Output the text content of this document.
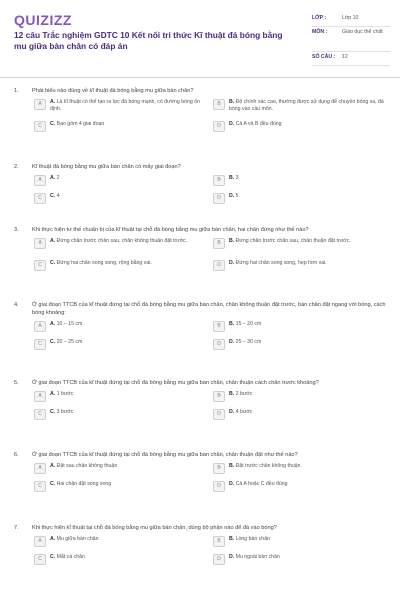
QUIZIZZ
12 câu Trắc nghiệm GDTC 10 Kết nối tri thức Kĩ thuật đá bóng bằng mu giữa bàn chân có đáp án
LỚP :	Lớp 10
MÔN :	Giáo dục thể chất
SỐ CÂU :	12
1.	Phát biểu nào đúng về kĩ thuật đá bóng bằng mu giữa bàn chân?
A	A. Là kĩ thuật có thể tạo ra lực đá bóng mạnh, có đường bóng ổn định.
B	B. Độ chính xác cao, thường được sử dụng để chuyền bóng xa, đá bóng vào cầu môn.
C	C. Bao gồm 4 giai đoạn	D	D. Cả A và B đều đúng
2.	Kĩ thuật đá bóng bằng mu giữa bàn chân có mấy giai đoạn?
A	A. 2	B	B. 3
C	C. 4	D	D. 5
3.	Khi thực hiện tư thế chuẩn bị của kĩ thuật tại chỗ đá bóng bằng mu giữa bàn chân, hai chân đứng như thế nào?
A	A. Đứng chân trước chân sau, chân không thuận đặt trước.	B	B. Đứng chân trước chân sau, chân thuận đặt trước.
C	C. Đứng hai chân song song, rộng bằng vai.	D	D. Đứng hai chân song song, hẹp hơn vai.
4.	Ở giai đoạn TTCB của kĩ thuật đứng tại chỗ đá bóng bằng mu giữa bàn chân, chân không thuận đặt trước, bàn chân đặt ngang với bóng, cách bóng khoảng:
A	A. 10 – 15 cm	B	B. 15 – 20 cm
C	C. 20 – 25 cm	D	D. 25 – 30 cm
5.	Ở giai đoạn TTCB của kĩ thuật đứng tại chỗ đá bóng bằng mu giữa bàn chân, chân thuận cách chân trước khoảng?
A	A. 1 bước	B	B. 2 bước
C	C. 3 bước	D	D. 4 bước
6.	Ở giai đoạn TTCB của kĩ thuật đứng tại chỗ đá bóng bằng mu giữa bàn chân, chân thuận đặt như thế nào?
A	A. Đặt sau chân không thuận	B	B. Đặt trước chân không thuận
C	C. Hai chân đặt song song	D	D. Cả A hoặc C đều đúng
7.	Khi thực hiện kĩ thuật tại chỗ đá bóng bằng mu giữa bàn chân, dùng bộ phận nào để đá vào bóng?
A	A. Mu giữa bàn chân	B	B. Lòng bàn chân
C	C. Mắt cá chân	D	D. Mu ngoài bàn chân
